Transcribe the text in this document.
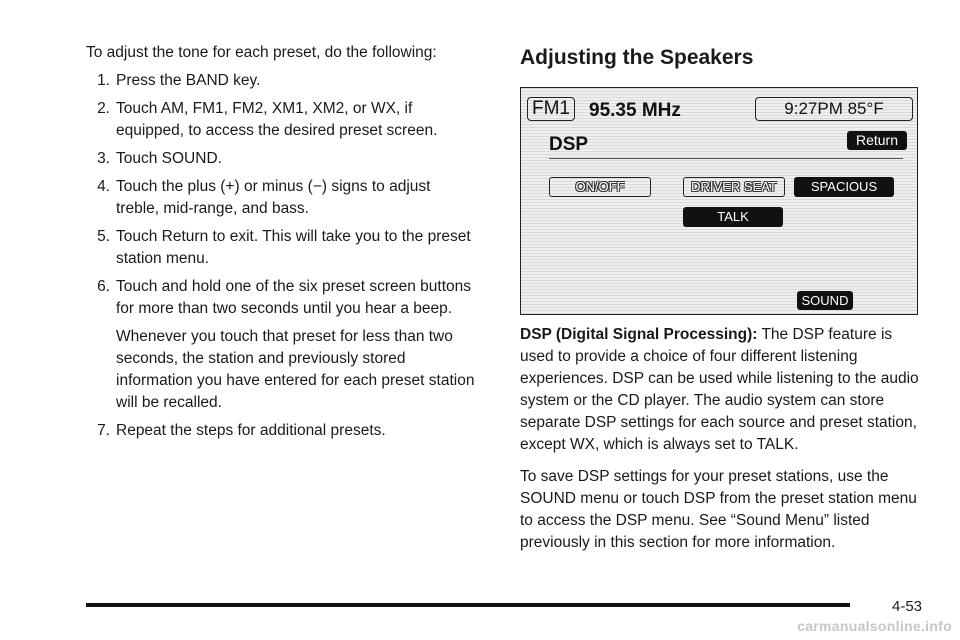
To adjust the tone for each preset, do the following:

1. Press the BAND key.
2. Touch AM, FM1, FM2, XM1, XM2, or WX, if equipped, to access the desired preset screen.
3. Touch SOUND.
4. Touch the plus (+) or minus (−) signs to adjust treble, mid-range, and bass.
5. Touch Return to exit. This will take you to the preset station menu.
6. Touch and hold one of the six preset screen buttons for more than two seconds until you hear a beep.
Whenever you touch that preset for less than two seconds, the station and previously stored information you have entered for each preset station will be recalled.
7. Repeat the steps for additional presets.
Adjusting the Speakers

DSP (Digital Signal Processing): The DSP feature is used to provide a choice of four different listening experiences. DSP can be used while listening to the audio system or the CD player. The audio system can store separate DSP settings for each source and preset station, except WX, which is always set to TALK.

To save DSP settings for your preset stations, use the SOUND menu or touch DSP from the preset station menu to access the DSP menu. See “Sound Menu” listed previously in this section for more information.

FM1 95.35 MHz	9:27PM 85°F
DSP	Return
ON/OFF	DRIVER SEAT	SPACIOUS
TALK
SOUND
4-53
carmanualsonline.info
